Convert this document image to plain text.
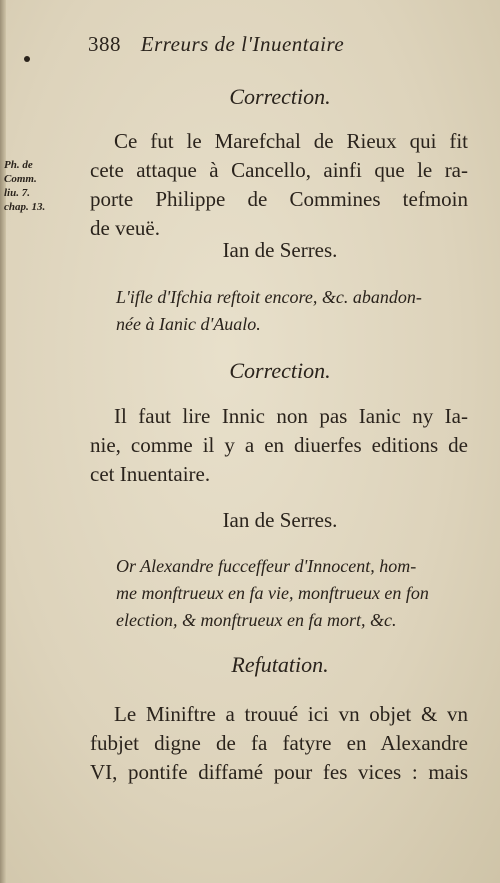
388 Erreurs de l'Inuentaire
Correction.
Ph. de
Comm.
liu. 7.
chap. 13.
Ce fut le Marefchal de Rieux qui fit
cete attaque à Cancello, ainfi que le ra-
porte Philippe de Commines tefmoin
de veuë.
Ian de Serres.
L'ifle d'Ifchia reftoit encore, &c. abandon-
née à Ianic d'Aualo.
Correction.
Il faut lire Innic non pas Ianic ny Ia-
nie, comme il y a en diuerfes editions de
cet Inuentaire.
Ian de Serres.
Or Alexandre fucceffeur d'Innocent, hom-
me monftrueux en fa vie, monftrueux en fon
election, & monftrueux en fa mort, &c.
Refutation.
Le Miniftre a trouué ici vn objet & vn
fubjet digne de fa fatyre en Alexandre
VI, pontife diffamé pour fes vices : mais
